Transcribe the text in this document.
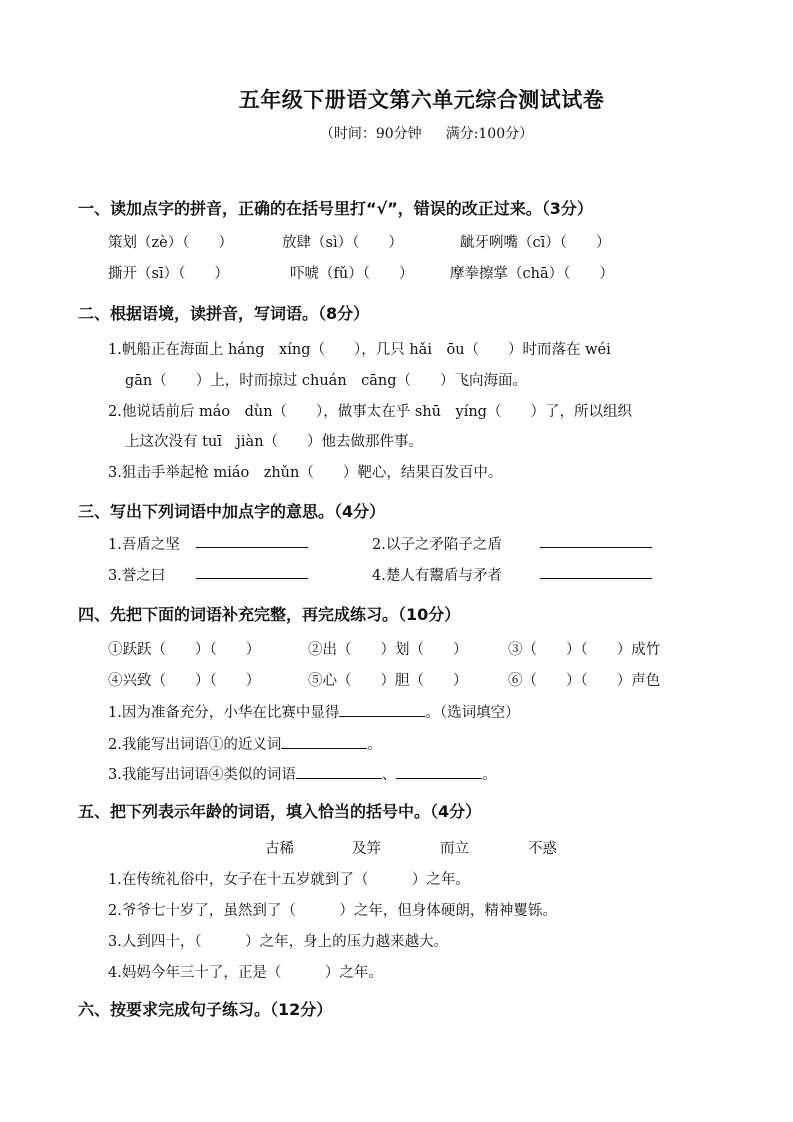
五年级下册语文第六单元综合测试试卷
（时间：90分钟 满分:100分）
一、读加点字的拼音，正确的在括号里打“√”，错误的改正过来。（3分）
策划（zè）（　　）	放肆（sì）（　　）	龇牙咧嘴（cī）（　　）
撕开（sī）（　　）	吓唬（fǔ）（　　）	摩拳擦掌（chā）（　　）
二、根据语境，读拼音，写词语。（8分）
1.帆船正在海面上 háng　xíng（　　），几只 hǎi　ōu（　　）时而落在 wéi
gān（　　）上，时而掠过 chuán　cāng（　　）飞向海面。
2.他说话前后 máo　dùn（　　），做事太在乎 shū　yíng（　　）了，所以组织
上这次没有 tuī　jiàn（　　）他去做那件事。
3.狙击手举起枪 miáo　zhǔn（　　）靶心，结果百发百中。
三、写出下列词语中加点字的意思。（4分）
1.吾盾之坚	2.以子之矛陷子之盾
3.誉之曰	4.楚人有鬻盾与矛者
四、先把下面的词语补充完整，再完成练习。（10分）
①跃跃（　　）（　　）	②出（　　）划（　　）	③（　　）（　　）成竹
④兴致（　　）（　　）	⑤心（　　）胆（　　）	⑥（　　）（　　）声色
1.因为准备充分，小华在比赛中显得	。（选词填空）
2.我能写出词语①的近义词	。
3.我能写出词语④类似的词语	、	。
五、把下列表示年龄的词语，填入恰当的括号中。（4分）
古稀	及笄	而立	不惑
1.在传统礼俗中，女子在十五岁就到了（　　　）之年。
2.爷爷七十岁了，虽然到了（　　　）之年，但身体硬朗，精神矍铄。
3.人到四十，（　　　）之年，身上的压力越来越大。
4.妈妈今年三十了，正是（　　　）之年。
六、按要求完成句子练习。（12分）
